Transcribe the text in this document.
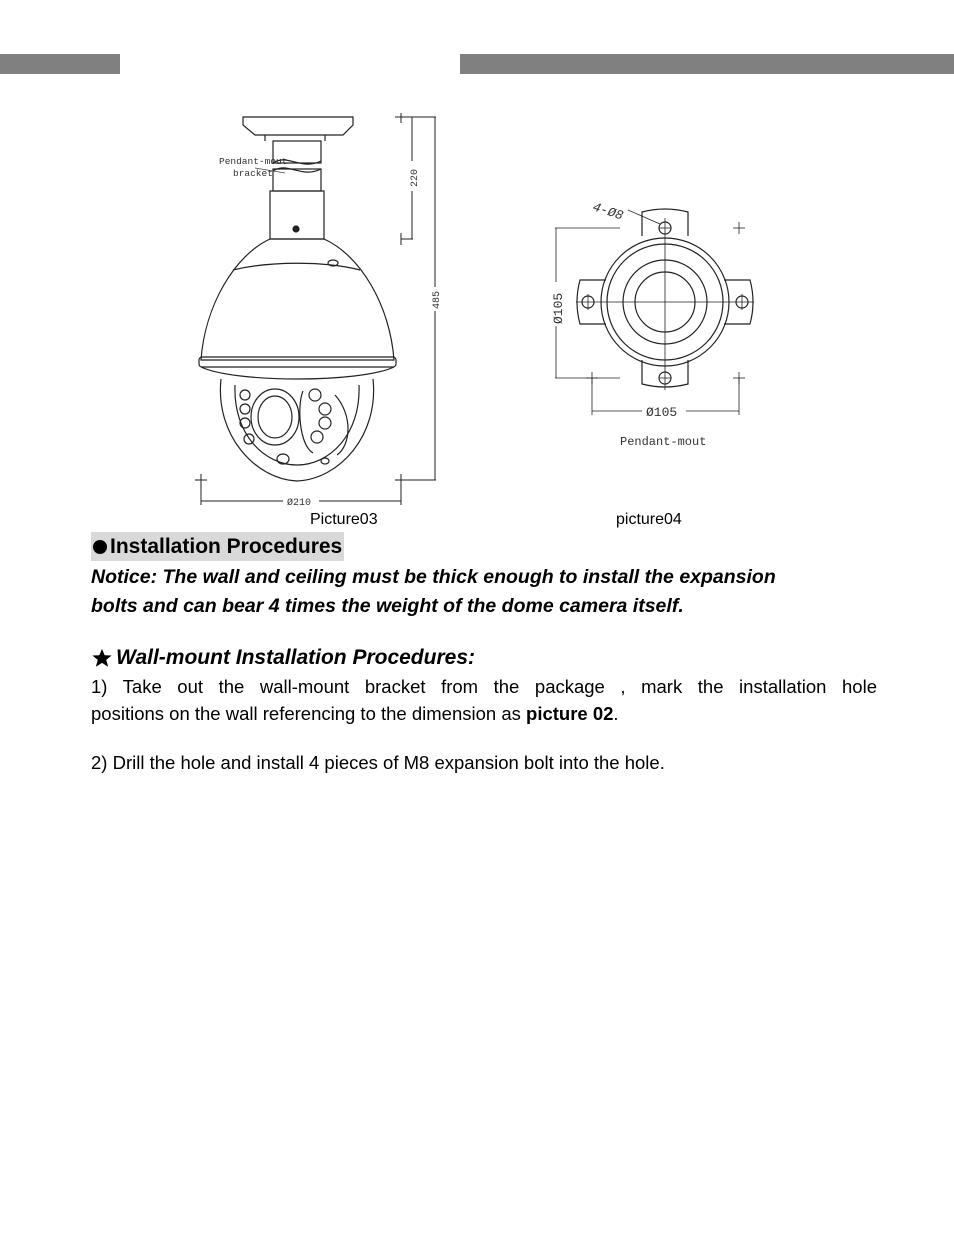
Pendant-mout
bracket	220
485
Ø210
Picture03
4-Ø8
Ø105
Ø105
Pendant-mout
picture04
Installation Procedures
Notice: The wall and ceiling must be thick enough to install the expansion
bolts and can bear 4 times the weight of the dome camera itself.
Wall-mount Installation Procedures:
1) Take out the wall-mount bracket from the package , mark the installation hole
positions on the wall referencing to the dimension as picture 02.
2) Drill the hole and install 4 pieces of M8 expansion bolt into the hole.
